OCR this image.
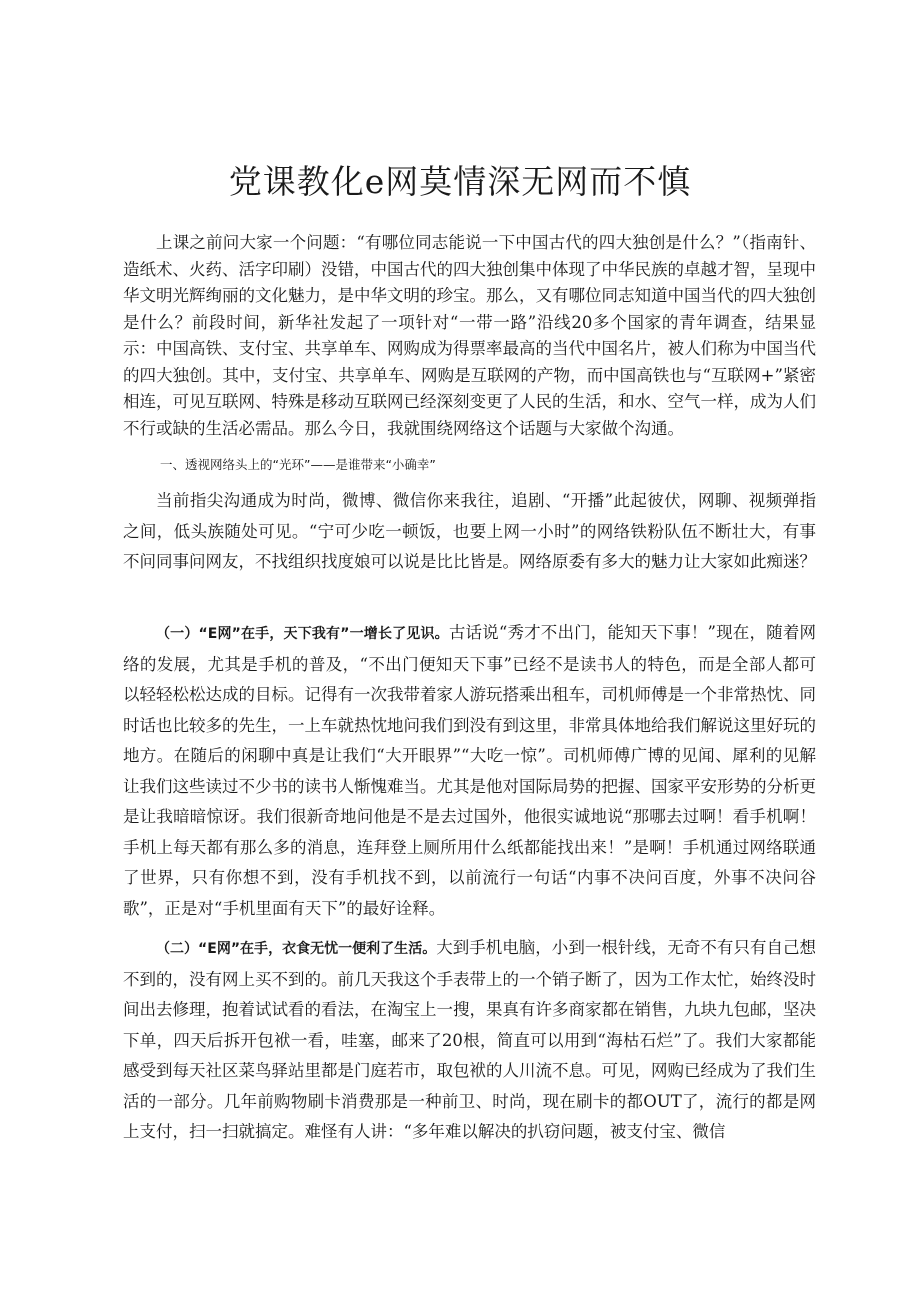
党课教化e网莫情深无网而不慎

上课之前问大家一个问题：“有哪位同志能说一下中国古代的四大独创是什么？”（指南针、造纸术、火药、活字印刷）没错，中国古代的四大独创集中体现了中华民族的卓越才智，呈现中华文明光辉绚丽的文化魅力，是中华文明的珍宝。那么，又有哪位同志知道中国当代的四大独创是什么？前段时间，新华社发起了一项针对“一带一路”沿线20多个国家的青年调查，结果显示：中国高铁、支付宝、共享单车、网购成为得票率最高的当代中国名片，被人们称为中国当代的四大独创。其中，支付宝、共享单车、网购是互联网的产物，而中国高铁也与“互联网+”紧密相连，可见互联网、特殊是移动互联网已经深刻变更了人民的生活，和水、空气一样，成为人们不行或缺的生活必需品。那么今日，我就围绕网络这个话题与大家做个沟通。

一、透视网络头上的“光环”——是谁带来“小确幸”

当前指尖沟通成为时尚，微博、微信你来我往，追剧、“开播”此起彼伏，网聊、视频弹指之间，低头族随处可见。“宁可少吃一顿饭，也要上网一小时”的网络铁粉队伍不断壮大，有事不问同事问网友，不找组织找度娘可以说是比比皆是。网络原委有多大的魅力让大家如此痴迷？

（一）“E网”在手，天下我有”一增长了见识。古话说“秀才不出门，能知天下事！”现在，随着网络的发展，尤其是手机的普及，“不出门便知天下事”已经不是读书人的特色，而是全部人都可以轻轻松松达成的目标。记得有一次我带着家人游玩搭乘出租车，司机师傅是一个非常热忱、同时话也比较多的先生，一上车就热忱地问我们到没有到这里，非常具体地给我们解说这里好玩的地方。在随后的闲聊中真是让我们“大开眼界”“大吃一惊”。司机师傅广博的见闻、犀利的见解让我们这些读过不少书的读书人惭愧难当。尤其是他对国际局势的把握、国家平安形势的分析更是让我暗暗惊讶。我们很新奇地问他是不是去过国外，他很实诚地说“那哪去过啊！看手机啊！手机上每天都有那么多的消息，连拜登上厕所用什么纸都能找出来！”是啊！手机通过网络联通了世界，只有你想不到，没有手机找不到，以前流行一句话“内事不决问百度，外事不决问谷歌”，正是对“手机里面有天下”的最好诠释。

（二）“E网”在手，衣食无忧一便利了生活。大到手机电脑，小到一根针线，无奇不有只有自己想不到的，没有网上买不到的。前几天我这个手表带上的一个销子断了，因为工作太忙，始终没时间出去修理，抱着试试看的看法，在淘宝上一搜，果真有许多商家都在销售，九块九包邮，坚决下单，四天后拆开包袱一看，哇塞，邮来了20根，简直可以用到“海枯石烂”了。我们大家都能感受到每天社区菜鸟驿站里都是门庭若市，取包袱的人川流不息。可见，网购已经成为了我们生活的一部分。几年前购物刷卡消费那是一种前卫、时尚，现在刷卡的都OUT了，流行的都是网上支付，扫一扫就搞定。难怪有人讲：“多年难以解决的扒窃问题，被支付宝、微信
